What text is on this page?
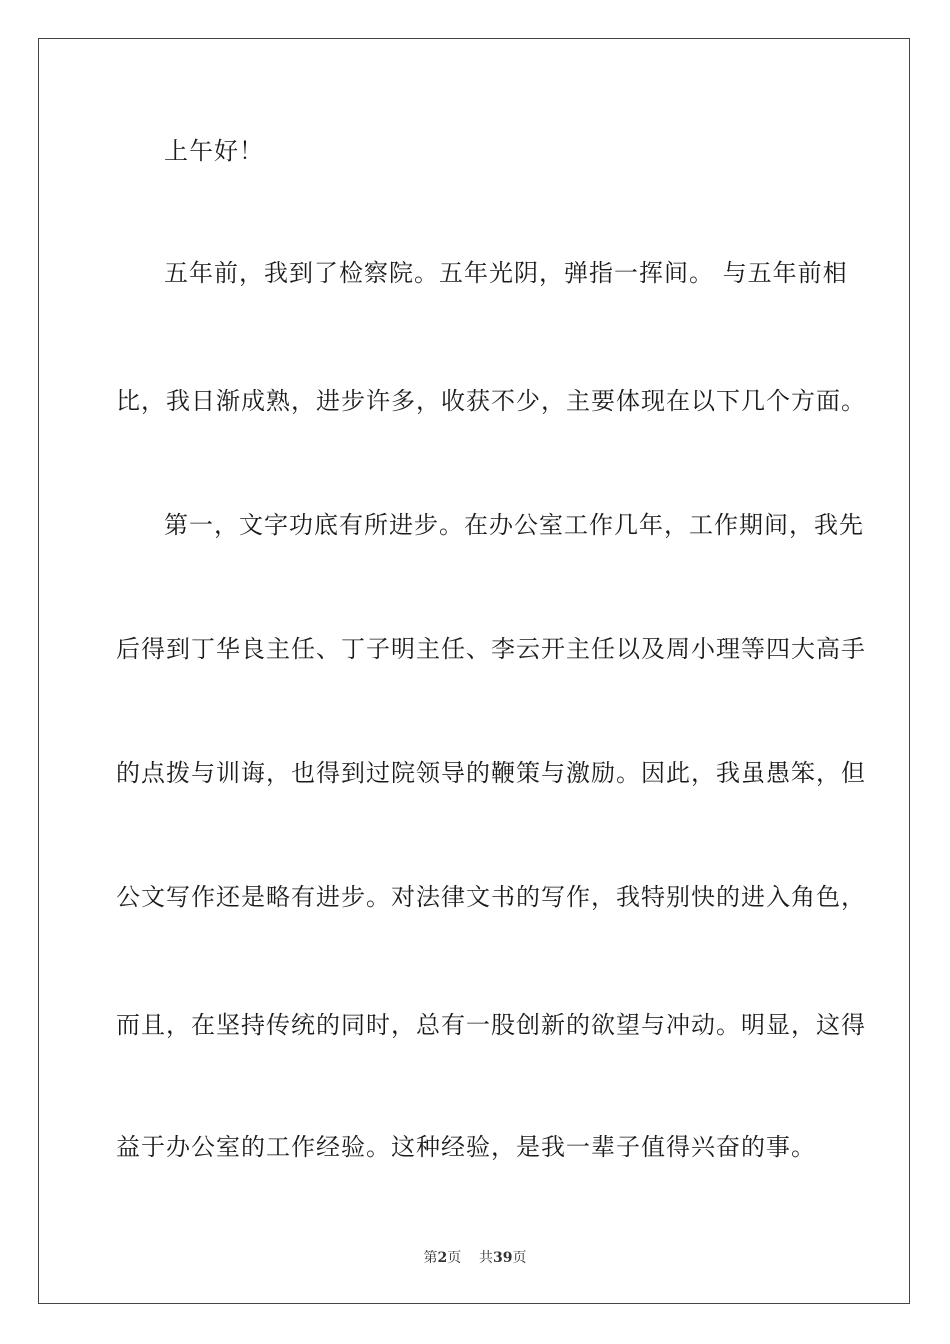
上午好！
五年前，我到了检察院。五年光阴，弹指一挥间。 与五年前相
比，我日渐成熟，进步许多，收获不少，主要体现在以下几个方面。
第一，文字功底有所进步。在办公室工作几年，工作期间，我先
后得到丁华良主任、丁子明主任、李云开主任以及周小理等四大高手
的点拨与训诲，也得到过院领导的鞭策与激励。因此，我虽愚笨，但
公文写作还是略有进步。对法律文书的写作，我特别快的进入角色，
而且，在坚持传统的同时，总有一股创新的欲望与冲动。明显，这得
益于办公室的工作经验。这种经验，是我一辈子值得兴奋的事。
第2页 共39页
